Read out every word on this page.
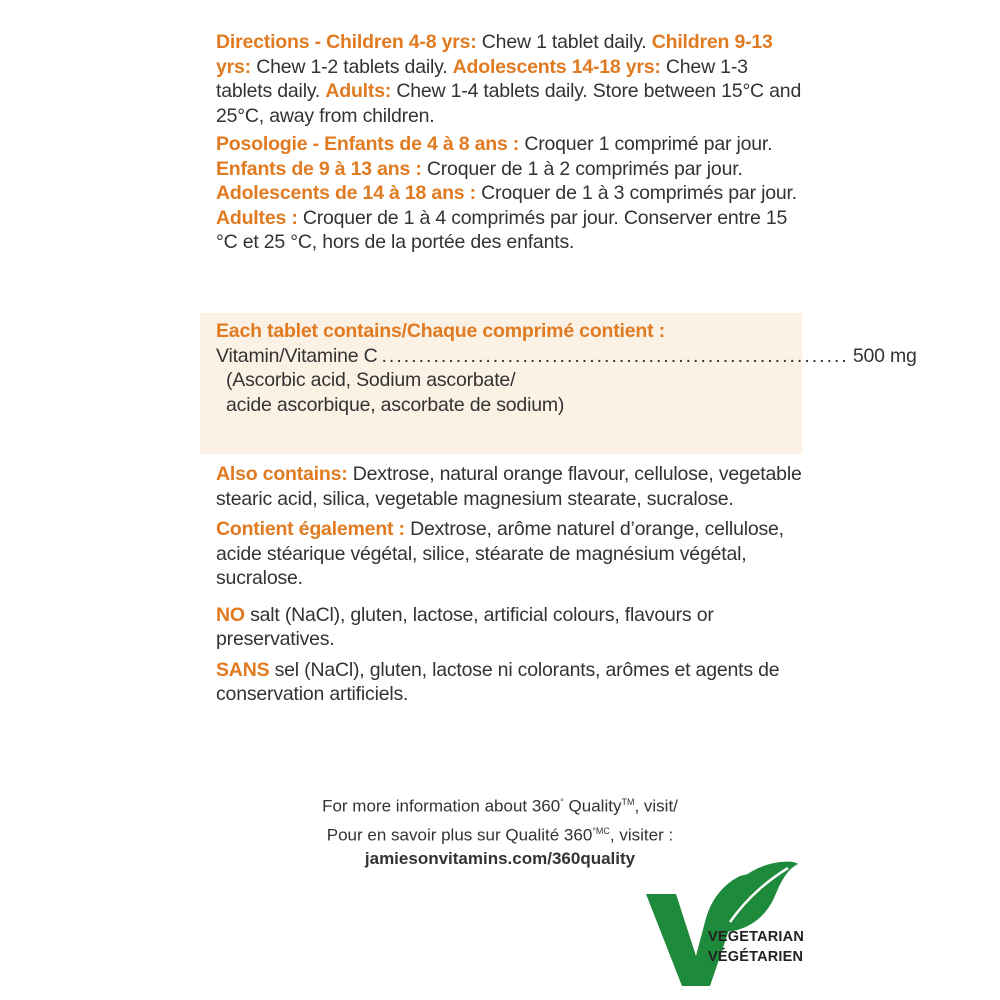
Directions - Children 4-8 yrs: Chew 1 tablet daily. Children 9-13 yrs: Chew 1-2 tablets daily. Adolescents 14-18 yrs: Chew 1-3 tablets daily. Adults: Chew 1-4 tablets daily. Store between 15°C and 25°C, away from children.

Posologie - Enfants de 4 à 8 ans : Croquer 1 comprimé par jour. Enfants de 9 à 13 ans : Croquer de 1 à 2 comprimés par jour. Adolescents de 14 à 18 ans : Croquer de 1 à 3 comprimés par jour. Adultes : Croquer de 1 à 4 comprimés par jour. Conserver entre 15 °C et 25 °C, hors de la portée des enfants.

Each tablet contains/Chaque comprimé contient :
Vitamin/Vitamine C ............................................................... 500 mg
(Ascorbic acid, Sodium ascorbate/
acide ascorbique, ascorbate de sodium)

Also contains: Dextrose, natural orange flavour, cellulose, vegetable stearic acid, silica, vegetable magnesium stearate, sucralose.

Contient également : Dextrose, arôme naturel d’orange, cellulose, acide stéarique végétal, silice, stéarate de magnésium végétal, sucralose.

NO salt (NaCl), gluten, lactose, artificial colours, flavours or preservatives.

SANS sel (NaCl), gluten, lactose ni colorants, arômes et agents de conservation artificiels.

For more information about 360° Quality™, visit/
Pour en savoir plus sur Qualité $360^{^\circ MC}$, visiter :
jamiesonvitamins.com/360quality
VEGETARIAN
VÉGÉTARIEN
